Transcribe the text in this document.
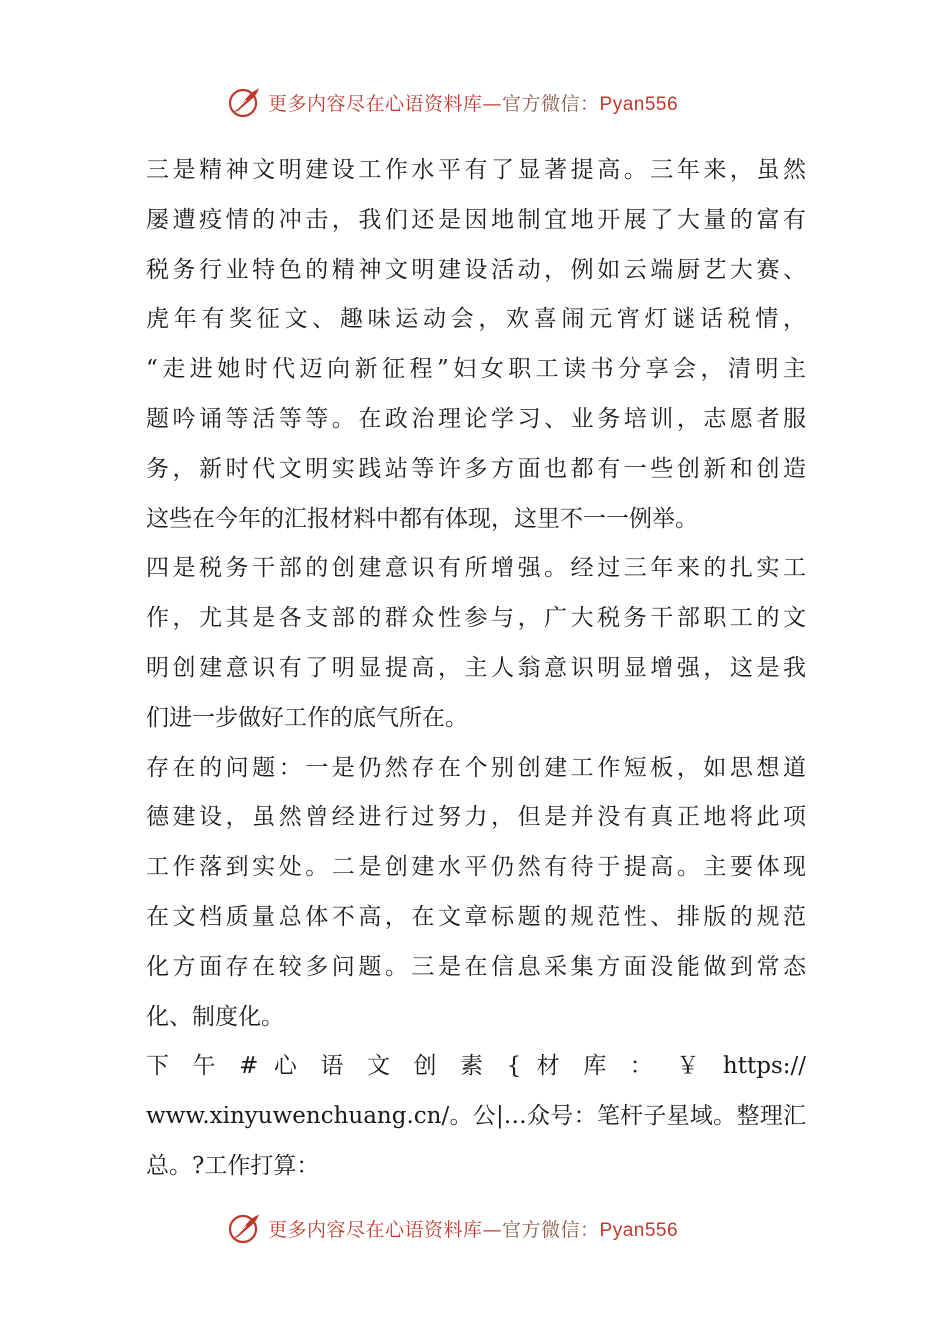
更多内容尽在心语资料库—官方微信：Pyan556
三是精神文明建设工作水平有了显著提高。三年来，虽然
屡遭疫情的冲击，我们还是因地制宜地开展了大量的富有
税务行业特色的精神文明建设活动，例如云端厨艺大赛、
虎年有奖征文、趣味运动会，欢喜闹元宵灯谜话税情，
“走进她时代迈向新征程”妇女职工读书分享会，清明主
题吟诵等活等等。在政治理论学习、业务培训，志愿者服
务，新时代文明实践站等许多方面也都有一些创新和创造
这些在今年的汇报材料中都有体现，这里不一一例举。
四是税务干部的创建意识有所增强。经过三年来的扎实工
作，尤其是各支部的群众性参与，广大税务干部职工的文
明创建意识有了明显提高，主人翁意识明显增强，这是我
们进一步做好工作的底气所在。
存在的问题：一是仍然存在个别创建工作短板，如思想道
德建设，虽然曾经进行过努力，但是并没有真正地将此项
工作落到实处。二是创建水平仍然有待于提高。主要体现
在文档质量总体不高，在文章标题的规范性、排版的规范
化方面存在较多问题。三是在信息采集方面没能做到常态
化、制度化。
下 午 # 心 语 文 创 素 { 材 库 ： ￥ https://
www.xinyuwenchuang.cn/。公|…众号：笔杆子星域。整理汇
总。?工作打算：
更多内容尽在心语资料库—官方微信：Pyan556
